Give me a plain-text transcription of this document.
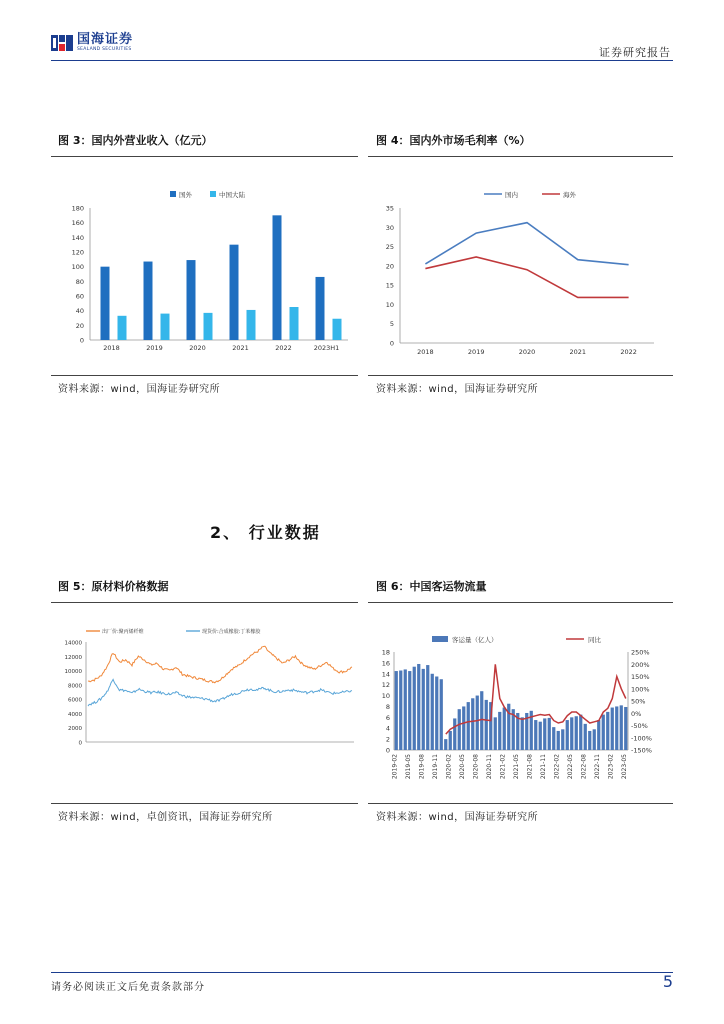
国海证券
SEALAND SECURITIES	证券研究报告
图 3：国内外营业收入（亿元）
0
20
40
60
80
100
120
140
160
180
2018	2019	2020	2021	2022	2023H1
国外	中国大陆
资料来源：wind，国海证券研究所
图 4：国内外市场毛利率（%）
0
5
10
15
20
25
30
35
2018	2019	2020	2021	2022
国内	海外
资料来源：wind，国海证券研究所
2、 行业数据
图 5：原材料价格数据
0
2000
4000
6000
8000
10000
12000
14000
出厂价:聚丙烯纤维	现货价:合成橡胶:丁苯橡胶
资料来源：wind，卓创资讯，国海证券研究所
图 6：中国客运物流量
0
2
4
6
8
10
12
14
16
18
-150%
-100%
-50%
0%
50%
100%
150%
200%
250%
2019-02 2019-05 2019-08 2019-11 2020-02 2020-05 2020-08 2020-11 2021-02 2021-05 2021-08 2021-11 2022-02 2022-05 2022-08 2022-11 2023-02 2023-05
客运量（亿人）	同比
资料来源：wind，国海证券研究所
请务必阅读正文后免责条款部分	5
